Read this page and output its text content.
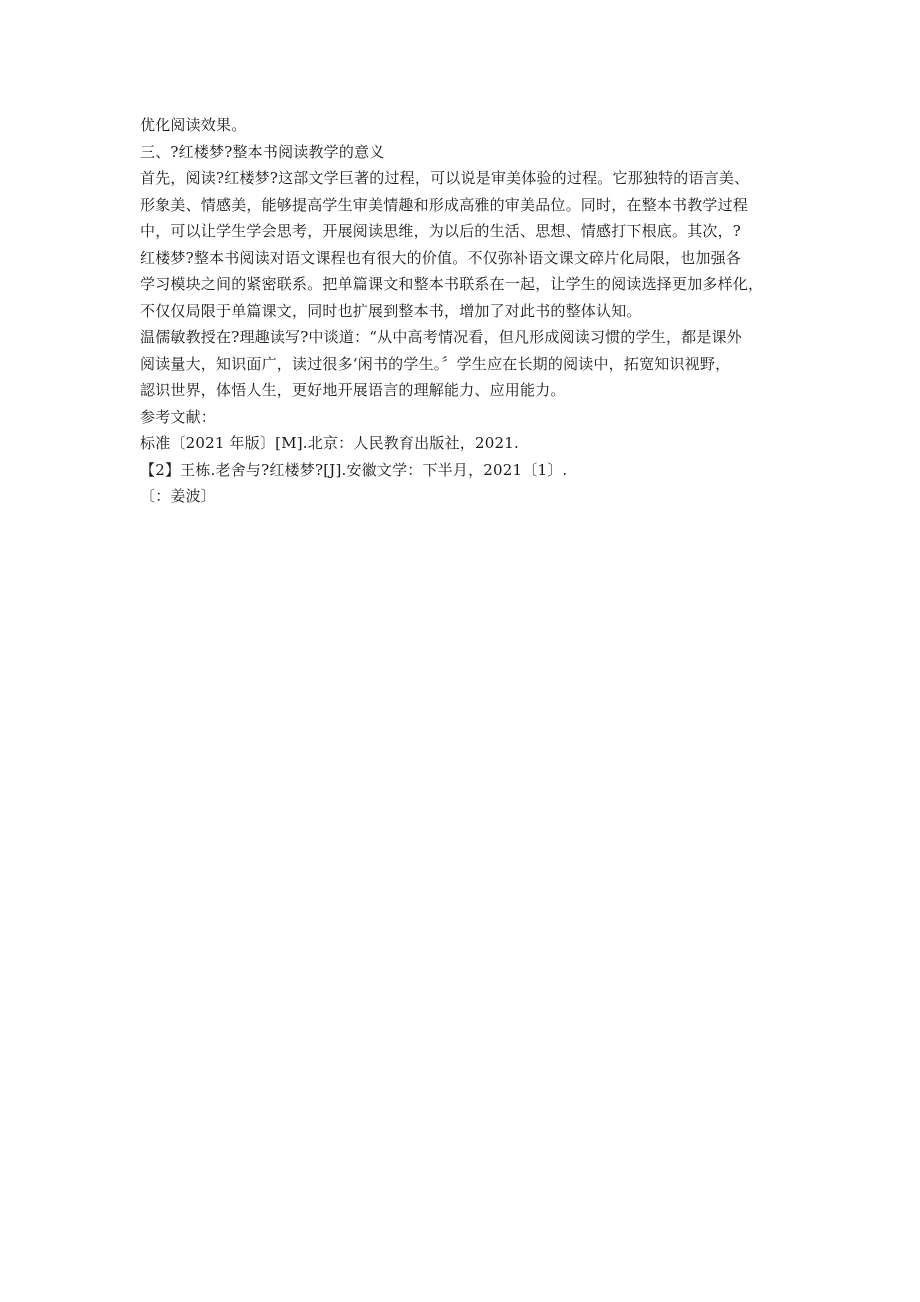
优化阅读效果。
三、?红楼梦?整本书阅读教学的意义
首先，阅读?红楼梦?这部文学巨著的过程，可以说是审美体验的过程。它那独特的语言美、
形象美、情感美，能够提高学生审美情趣和形成高雅的审美品位。同时，在整本书教学过程
中，可以让学生学会思考，开展阅读思维，为以后的生活、思想、情感打下根底。其次，?
红楼梦?整本书阅读对语文课程也有很大的价值。不仅弥补语文课文碎片化局限，也加强各
学习模块之间的紧密联系。把单篇课文和整本书联系在一起，让学生的阅读选择更加多样化，
不仅仅局限于单篇课文，同时也扩展到整本书，增加了对此书的整体认知。
温儒敏教授在?理趣读写?中谈道：“从中高考情况看，但凡形成阅读习惯的学生，都是课外
阅读量大，知识面广，读过很多‘闲书的学生。〞学生应在长期的阅读中，拓宽知识视野，
認识世界，体悟人生，更好地开展语言的理解能力、应用能力。
参考文献：
标准〔2021 年版〕[M].北京：人民教育出版社，2021.
【2】王栋.老舍与?红楼梦?[J].安徽文学：下半月，2021〔1〕.
〔：姜波〕
